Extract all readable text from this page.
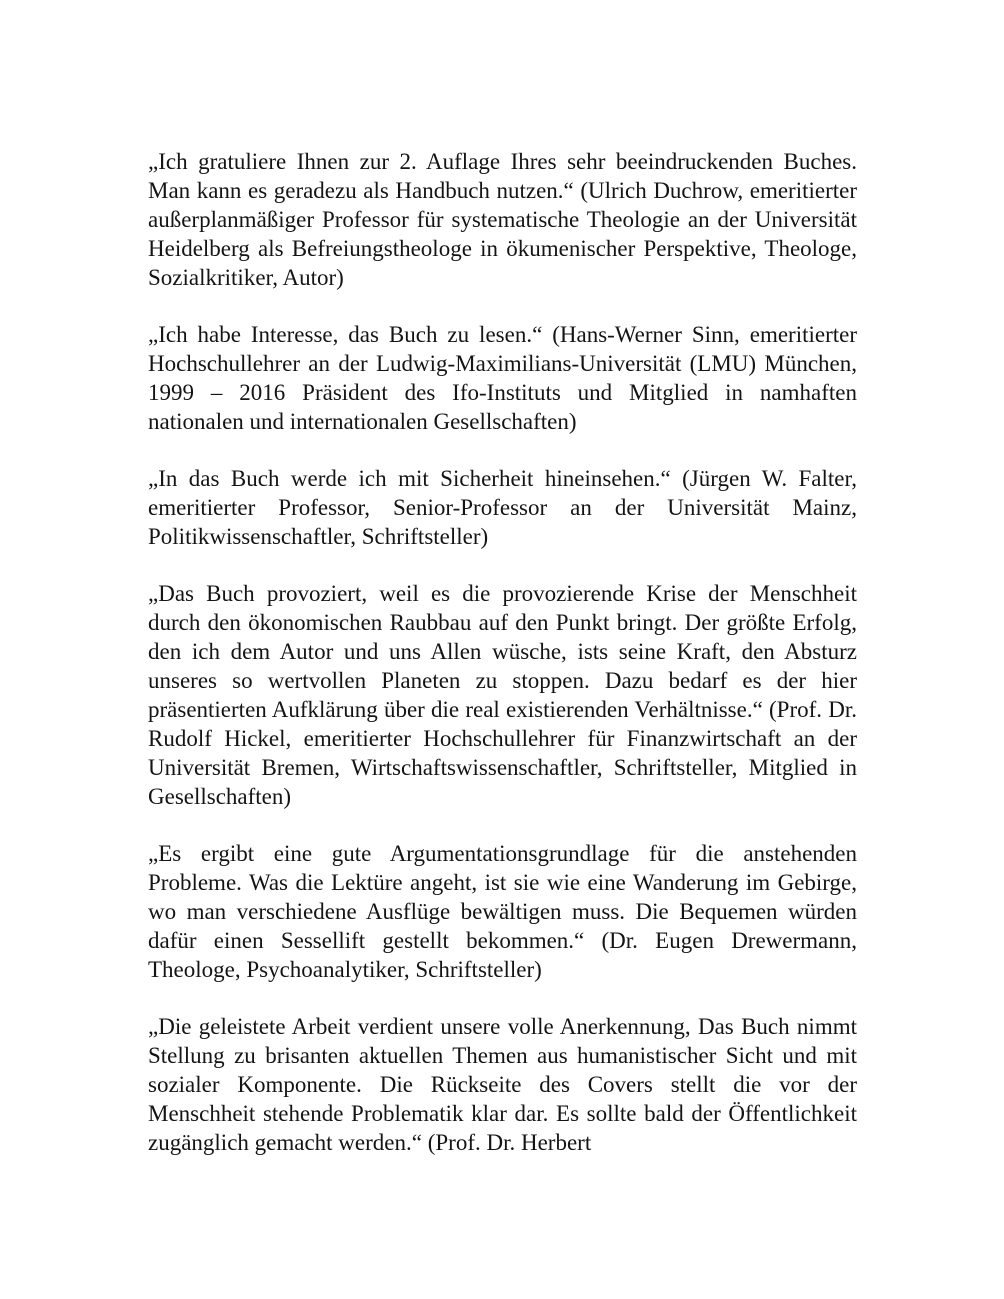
„Ich gratuliere Ihnen zur 2. Auflage Ihres sehr beeindruckenden Buches. Man kann es geradezu als Handbuch nutzen.“ (Ulrich Duchrow, emeritierter außerplanmäßiger Professor für systematische Theologie an der Universität Heidelberg als Befreiungstheologe in ökumenischer Perspektive, Theologe, Sozialkritiker, Autor)

„Ich habe Interesse, das Buch zu lesen.“ (Hans-Werner Sinn, emeritierter Hochschullehrer an der Ludwig-Maximilians-Universität (LMU) München, 1999 – 2016 Präsident des Ifo-Instituts und Mitglied in namhaften nationalen und internationalen Gesellschaften)

„In das Buch werde ich mit Sicherheit hineinsehen.“ (Jürgen W. Falter, emeritierter Professor, Senior-Professor an der Universität Mainz, Politikwissenschaftler, Schriftsteller)

„Das Buch provoziert, weil es die provozierende Krise der Menschheit durch den ökonomischen Raubbau auf den Punkt bringt. Der größte Erfolg, den ich dem Autor und uns Allen wüsche, ists seine Kraft, den Absturz unseres so wertvollen Planeten zu stoppen. Dazu bedarf es der hier präsentierten Aufklärung über die real existierenden Verhältnisse.“ (Prof. Dr. Rudolf Hickel, emeritierter Hochschullehrer für Finanzwirtschaft an der Universität Bremen, Wirtschaftswissenschaftler, Schriftsteller, Mitglied in Gesellschaften)

„Es ergibt eine gute Argumentationsgrundlage für die anstehenden Probleme. Was die Lektüre angeht, ist sie wie eine Wanderung im Gebirge, wo man verschiedene Ausflüge bewältigen muss. Die Bequemen würden dafür einen Sessellift gestellt bekommen.“ (Dr. Eugen Drewermann, Theologe, Psychoanalytiker, Schriftsteller)

„Die geleistete Arbeit verdient unsere volle Anerkennung, Das Buch nimmt Stellung zu brisanten aktuellen Themen aus humanistischer Sicht und mit sozialer Komponente. Die Rückseite des Covers stellt die vor der Menschheit stehende Problematik klar dar. Es sollte bald der Öffentlichkeit zugänglich gemacht werden.“ (Prof. Dr. Herbert
